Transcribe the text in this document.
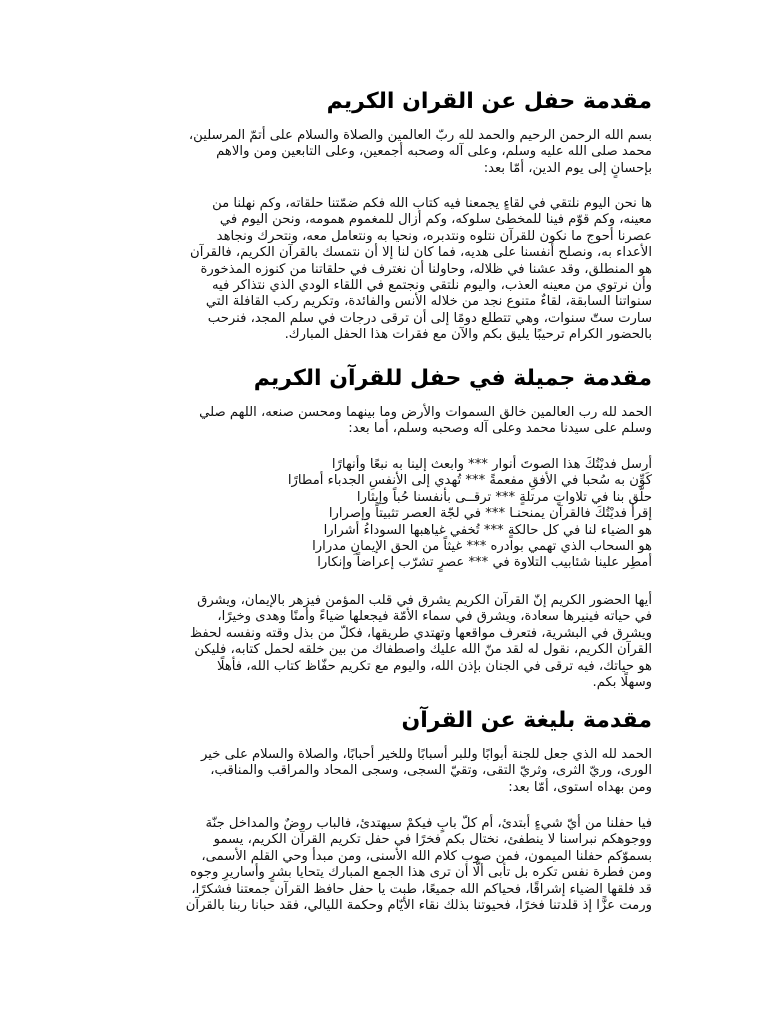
مقدمة حفل عن القران الكريم

بسم الله الرحمن الرحيم والحمد لله ربّ العالمين والصلاة والسلام على أتمّ المرسلين،
محمد صلى الله عليه وسلم، وعلى آله وصحبه أجمعين، وعلى التابعين ومن والاهم
بإحسانٍ إلى يوم الدين، أمّا بعد:

ها نحن اليوم نلتقي في لقاءٍ يجمعنا فيه كتاب الله فكم ضمّتنا حلقاته، وكم نهلنا من
معينه، وكم قوّم فينا للمخطئ سلوكه، وكم أزال للمغموم همومه، ونحن اليوم في
عصرنا أحوج ما نكون للقرآن نتلوه ونتدبره، ونحيا به ونتعامل معه، ونتحرك ونجاهد
الأعداء به، ونصلح أنفسنا على هديه، فما كان لنا إلا أن نتمسك بالقرآن الكريم، فالقرآن
هو المنطلق، وقد عشنا في ظلاله، وحاولنا أن نغترف في حلقاتنا من كنوزه المذخورة
وأن نرتوي من معينه العذب، واليوم نلتقي ونجتمع في اللقاء الودي الذي نتذاكر فيه
سنواتنا السابقة، لقاءٌ متنوع نجد من خلاله الأنس والفائدة، وتكريم ركب القافلة التي
سارت ستّ سنوات، وهي تتطلع دومًا إلى أن ترقى درجات في سلم المجد، فنرحب
بالحضور الكرام ترحيبًا يليق بكم والآن مع فقرات هذا الحفل المبارك.

مقدمة جميلة في حفل للقرآن الكريم

الحمد لله رب العالمين خالق السموات والأرض وما بينهما ومحسن صنعه، اللهم صلي
وسلم على سيدنا محمد وعلى آله وصحبه وسلم، أما بعد:

أرسل فديْتُكَ هذا الصوتَ أنوار *** وابعث إلينا به نبعًا وأنهارًا
كَوِّن به سُحبا في الأفقِ مفعمةً *** تُهدي إلى الأنفسِ الجدباء أمطارًا
حلّق بنا في تلاواتٍ مرتلةٍ *** ترقــى بأنفسنا حُباً وإيثارا
إقرأ فديْتُكَ فالقرآن يمنحنـا *** في لجّة العصر تثبيتاً وإصرارا
هو الضياء لنا في كل حالكةٍ *** تُخفي غياهبها السوداءُ أشرارا
هو السحاب الذي تهمي بوادره *** غيثاً من الحق الإيمانِ مدرارا
أمطِر علينا شئابيب التلاوة في *** عصرٍ تشرّب إعراضاً وإنكارا

أيها الحضور الكريم إنّ القرآن الكريم يشرق في قلب المؤمن فيزهر بالإيمان، ويشرق
في حياته فينيرها سعادة، ويشرق في سماء الأمّة فيجعلها ضياءً وأمنًا وهدى وخيرًا،
ويشرق في البشرية، فتعرف مواقعها وتهتدي طريقها، فكلّ من بذل وقته ونفسه لحفظ
القرآن الكريم، نقول له لقد منّ الله عليك واصطفاك من بين خلقه لحمل كتابه، فليكن
هو حياتك، فيه ترقى في الجنان بإذن الله، واليوم مع تكريم حفّاظ كتاب الله، فأهلًا
وسهلًا بكم.

مقدمة بليغة عن القرآن

الحمد لله الذي جعل للجنة أبوابًا وللبر أسبابًا وللخير أحبابًا، والصلاة والسلام على خير
الورى، وريّ الثرى، وثريّ التقى، وتقيّ السجى، وسجى المحاد والمراقب والمناقب،
ومن بهداه استوى، أمّا بعد:

فيا حفلنا من أيّ شيءٍ أبتدئ، أم كلّ بابٍ فيكمْ سيهتدئ، فالباب روضٌ والمداخل جنّة
ووجوهكم نبراسنا لا ينطفئ، نختال بكم فخرًا في حفل تكريم القرآن الكريم، يسمو
بسموّكم حفلنا الميمون، فمن صوب كلام الله الأسنى، ومن مبدأ وحي القلم الأسمى،
ومن فطرة نفس تكره بل تأبى ألّا أن ترى هذا الجمع المبارك يتحايا بشرٍ وأساريرِ وجوه
قد فلقها الضياء إشراقًا، فحياكم الله جميعًا، طبت يا حفل حافظ القرآن جمعتنا فشكرًا،
ورمت عزًّا إذ قلدتنا فخرًا، فحيوتنا بذلك نقاء الأيّام وحكمة الليالي، فقد حبانا ربنا بالقرآن
